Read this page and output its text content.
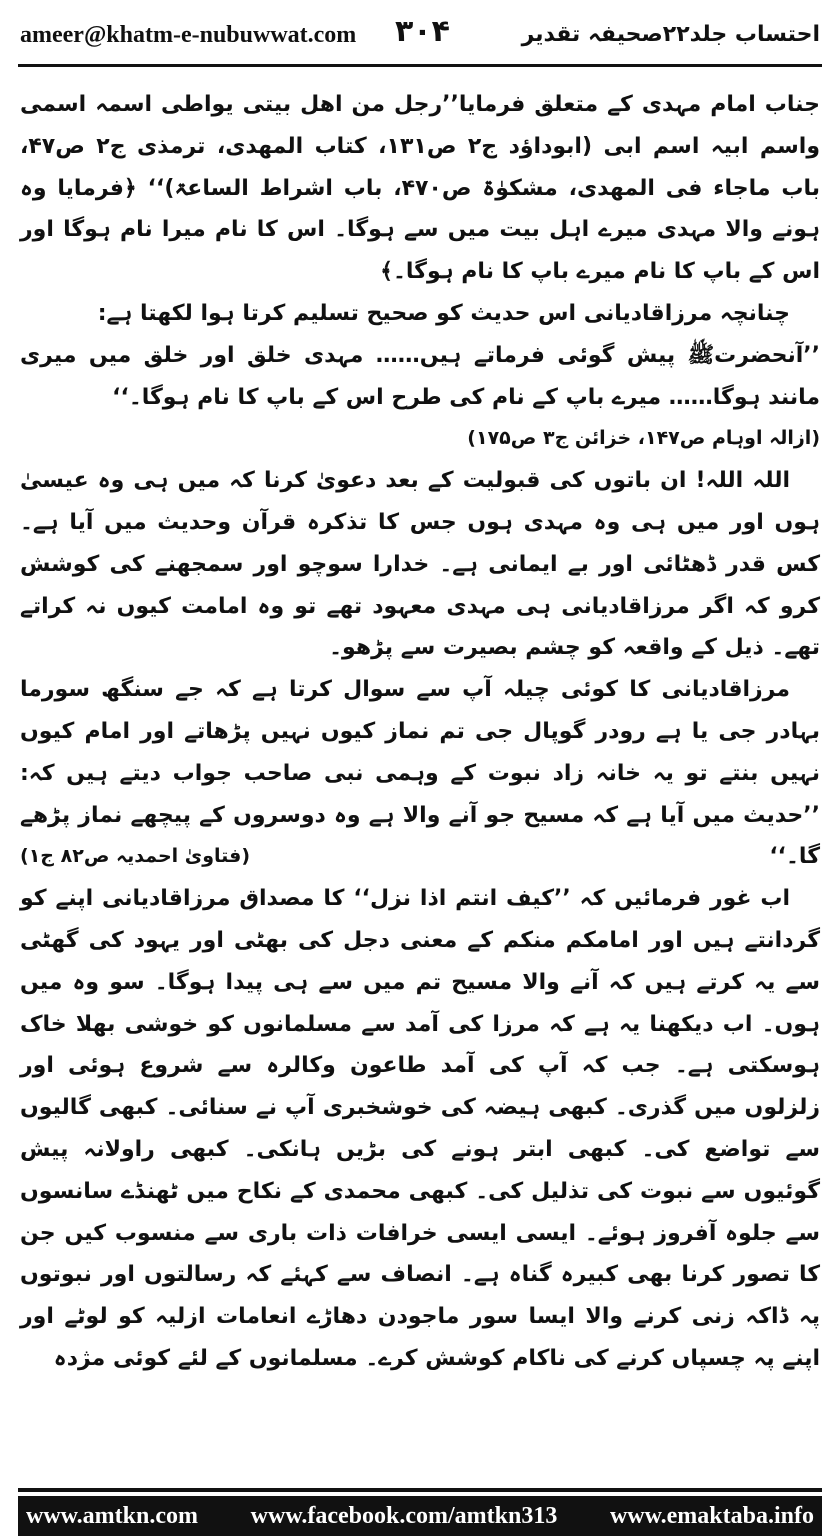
ameer@khatm-e-nubuwwat.com ۳۰۴	احتساب جلد۲۲صحیفہ تقدیر

جناب امام مہدی کے متعلق فرمایا’’رجل من اھل بیتی یواطی اسمہ اسمی واسم ابیہ اسم ابی (ابوداؤد ج۲ ص۱۳۱، کتاب المھدی، ترمذی ج۲ ص۴۷، باب ماجاء فی المھدی، مشکوٰۃ ص۴۷۰، باب اشراط الساعۃ)‘‘ ﴿فرمایا وہ ہونے والا مہدی میرے اہل بیت میں سے ہوگا۔ اس کا نام میرا نام ہوگا اور اس کے باپ کا نام میرے باپ کا نام ہوگا۔﴾

چنانچہ مرزاقادیانی اس حدیث کو صحیح تسلیم کرتا ہوا لکھتا ہے:

’’آنحضرتﷺ پیش گوئی فرماتے ہیں…… مہدی خلق اور خلق میں میری مانند ہوگا…… میرے باپ کے نام کی طرح اس کے باپ کا نام ہوگا۔‘‘

(ازالہ اوہام ص۱۴۷، خزائن ج۳ ص۱۷۵)

اللہ اللہ! ان باتوں کی قبولیت کے بعد دعویٰ کرنا کہ میں ہی وہ عیسیٰ ہوں اور میں ہی وہ مہدی ہوں جس کا تذکرہ قرآن وحدیث میں آیا ہے۔ کس قدر ڈھٹائی اور بے ایمانی ہے۔ خدارا سوچو اور سمجھنے کی کوشش کرو کہ اگر مرزاقادیانی ہی مہدی معہود تھے تو وہ امامت کیوں نہ کراتے تھے۔ ذیل کے واقعہ کو چشم بصیرت سے پڑھو۔

مرزاقادیانی کا کوئی چیلہ آپ سے سوال کرتا ہے کہ جے سنگھ سورما بہادر جی یا ہے رودر گوپال جی تم نماز کیوں نہیں پڑھاتے اور امام کیوں نہیں بنتے تو یہ خانہ زاد نبوت کے وہمی نبی صاحب جواب دیتے ہیں کہ: ’’حدیث میں آیا ہے کہ مسیح جو آنے والا ہے وہ دوسروں کے پیچھے نماز پڑھے گا۔‘‘
(فتاویٰ احمدیہ ص۸۲ ج۱)

اب غور فرمائیں کہ ’’کیف انتم اذا نزل‘‘ کا مصداق مرزاقادیانی اپنے کو گردانتے ہیں اور امامکم منکم کے معنی دجل کی بھٹی اور یہود کی گھٹی سے یہ کرتے ہیں کہ آنے والا مسیح تم میں سے ہی پیدا ہوگا۔ سو وہ میں ہوں۔ اب دیکھنا یہ ہے کہ مرزا کی آمد سے مسلمانوں کو خوشی بھلا خاک ہوسکتی ہے۔ جب کہ آپ کی آمد طاعون وکالرہ سے شروع ہوئی اور زلزلوں میں گذری۔ کبھی ہیضہ کی خوشخبری آپ نے سنائی۔ کبھی گالیوں سے تواضع کی۔ کبھی ابتر ہونے کی بڑیں ہانکی۔ کبھی راولانہ پیش گوئیوں سے نبوت کی تذلیل کی۔ کبھی محمدی کے نکاح میں ٹھنڈے سانسوں سے جلوہ آفروز ہوئے۔ ایسی ایسی خرافات ذات باری سے منسوب کیں جن کا تصور کرنا بھی کبیرہ گناہ ہے۔ انصاف سے کہئے کہ رسالتوں اور نبوتوں پہ ڈاکہ زنی کرنے والا ایسا سور ماجودن دھاڑے انعامات ازلیہ کو لوٹے اور اپنے پہ چسپاں کرنے کی ناکام کوشش کرے۔ مسلمانوں کے لئے کوئی مژدہ

www.amtkn.com www.facebook.com/amtkn313 www.emaktaba.info
